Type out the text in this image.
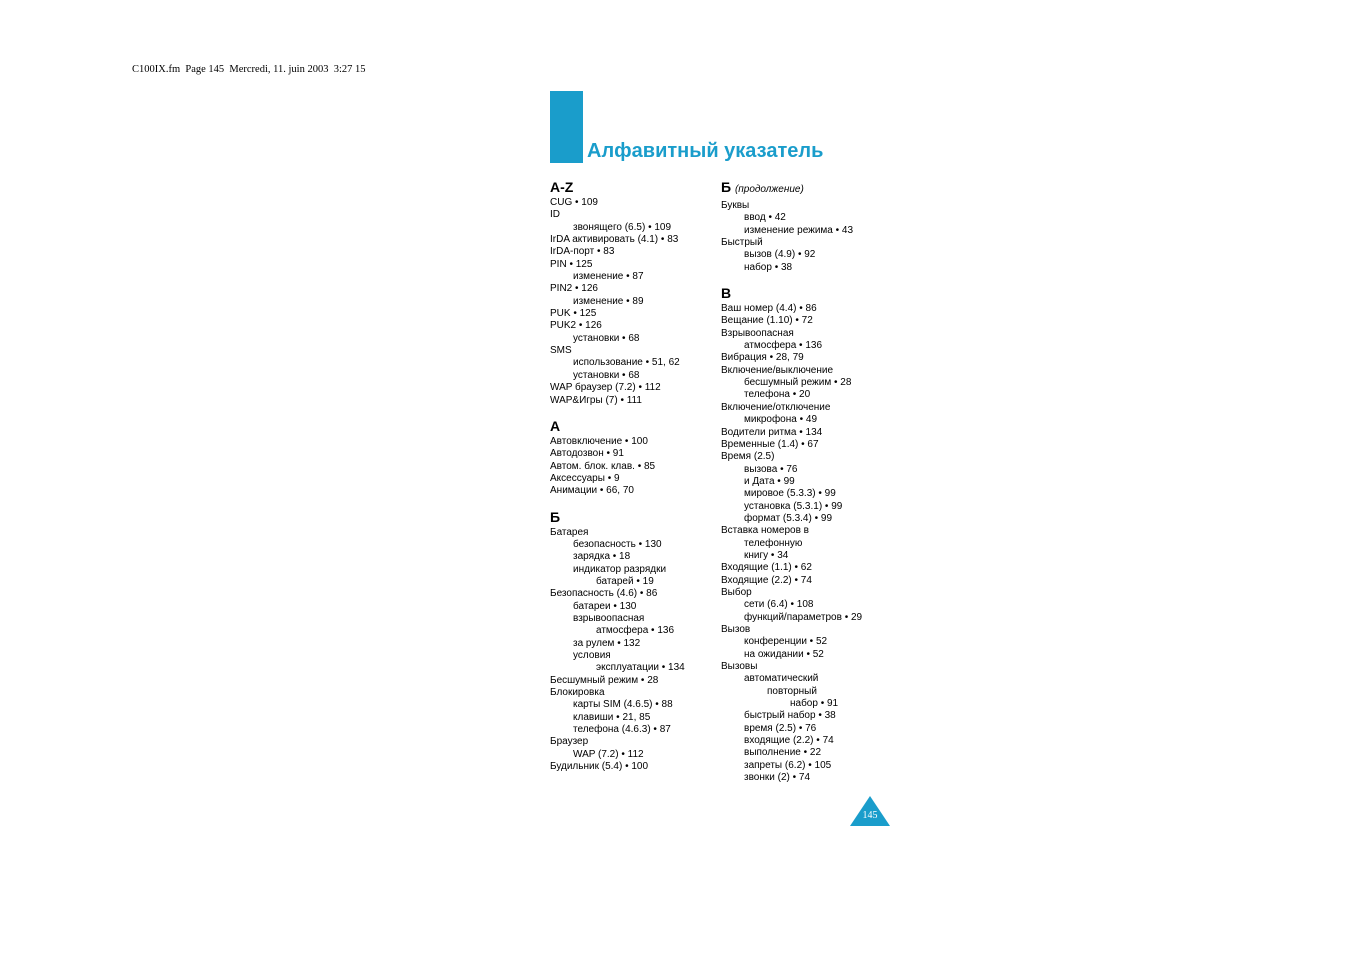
C100IX.fm  Page 145  Mercredi, 11. juin 2003  3:27 15
Алфавитный указатель
A-Z
CUG • 109
ID
звонящего (6.5) • 109
IrDA активировать (4.1) • 83
IrDA-порт • 83
PIN • 125
изменение • 87
PIN2 • 126
изменение • 89
PUK • 125
PUK2 • 126
установки • 68
SMS
использование • 51, 62
установки • 68
WAP браузер (7.2) • 112
WAP&Игры (7) • 111
A
Автовключение • 100
Автодозвон • 91
Автом. блок. клав. • 85
Аксессуары • 9
Анимации • 66, 70
Б
Батарея
безопасность • 130
зарядка • 18
индикатор разрядки
батарей • 19
Безопасность (4.6) • 86
батареи • 130
взрывоопасная
атмосфера • 136
за рулем • 132
условия
эксплуатации • 134
Бесшумный режим • 28
Блокировка
карты SIM (4.6.5) • 88
клавиши • 21, 85
телефона (4.6.3) • 87
Браузер
WAP (7.2) • 112
Будильник (5.4) • 100
Б (продолжение)
Буквы
ввод • 42
изменение режима • 43
Быстрый
вызов (4.9) • 92
набор • 38
В
Ваш номер (4.4) • 86
Вещание (1.10) • 72
Взрывоопасная
атмосфера • 136
Вибрация • 28, 79
Включение/выключение
бесшумный режим • 28
телефона • 20
Включение/отключение
микрофона • 49
Водители ритма • 134
Временные (1.4) • 67
Время (2.5)
вызова • 76
и Дата • 99
мировое (5.3.3) • 99
установка (5.3.1) • 99
формат (5.3.4) • 99
Вставка номеров в
телефонную
книгу • 34
Входящие (1.1) • 62
Входящие (2.2) • 74
Выбор
сети (6.4) • 108
функций/параметров • 29
Вызов
конференции • 52
на ожидании • 52
Вызовы
автоматический
повторный
набор • 91
быстрый набор • 38
время (2.5) • 76
входящие (2.2) • 74
выполнение • 22
запреты (6.2) • 105
звонки (2) • 74
145
